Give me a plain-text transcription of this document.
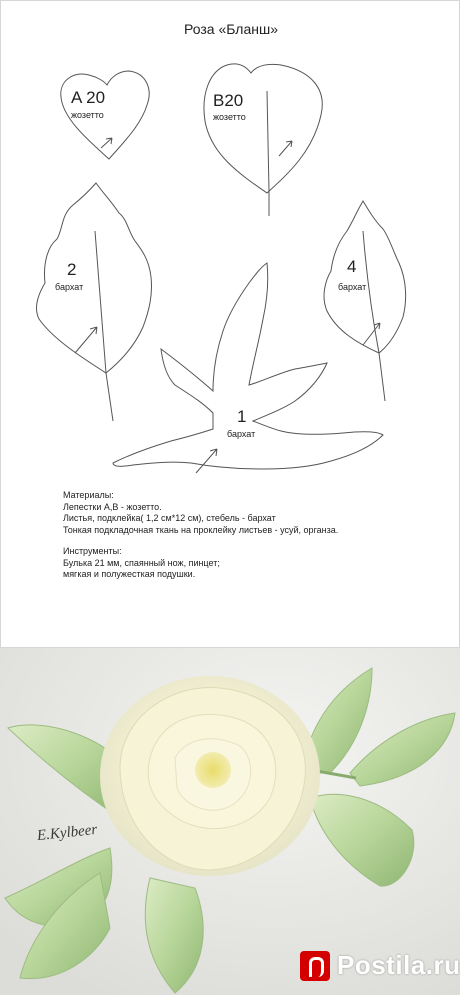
Роза «Бланш»
A 20
жозетто
B20
жозетто
2
бархат
4
бархат
1
бархат

Материалы:

Лепестки А,В - жозетто.

Листья, подклейка( 1,2 см*12 см), стебель - бархат

Тонкая подкладочная ткань на проклейку листьев - усуй, органза.

Инструменты:

Булька 21 мм, спаянный нож, пинцет;

мягкая и полужесткая подушки.

E.Kylbeer
Postila.ru
